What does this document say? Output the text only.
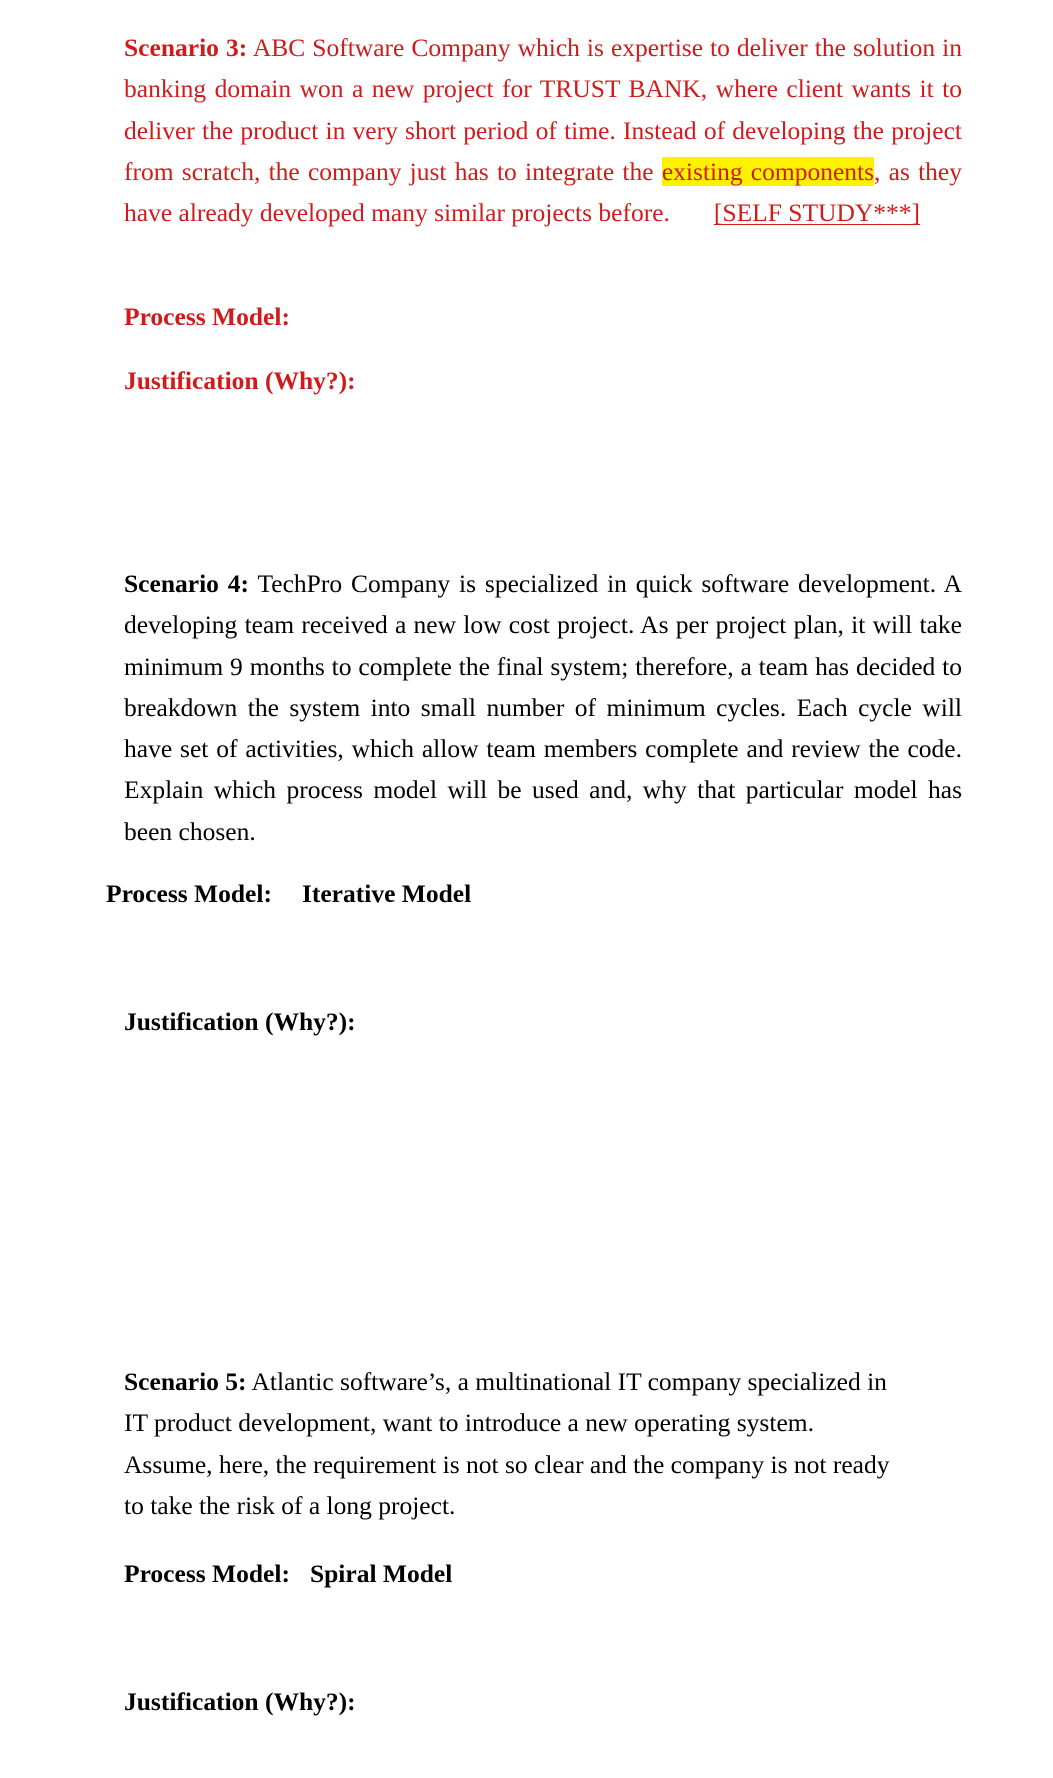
Scenario 3: ABC Software Company which is expertise to deliver the solution in banking domain won a new project for TRUST BANK, where client wants it to deliver the product in very short period of time. Instead of developing the project from scratch, the company just has to integrate the existing components, as they have already developed many similar projects before. [SELF STUDY***]
Process Model:
Justification (Why?):
Scenario 4: TechPro Company is specialized in quick software development. A developing team received a new low cost project. As per project plan, it will take minimum 9 months to complete the final system; therefore, a team has decided to breakdown the system into small number of minimum cycles. Each cycle will have set of activities, which allow team members complete and review the code. Explain which process model will be used and, why that particular model has been chosen.
Process Model: Iterative Model
Justification (Why?):
Scenario 5: Atlantic software’s, a multinational IT company specialized in
IT product development, want to introduce a new operating system.
Assume, here, the requirement is not so clear and the company is not ready
to take the risk of a long project.
Process Model: Spiral Model
Justification (Why?):
